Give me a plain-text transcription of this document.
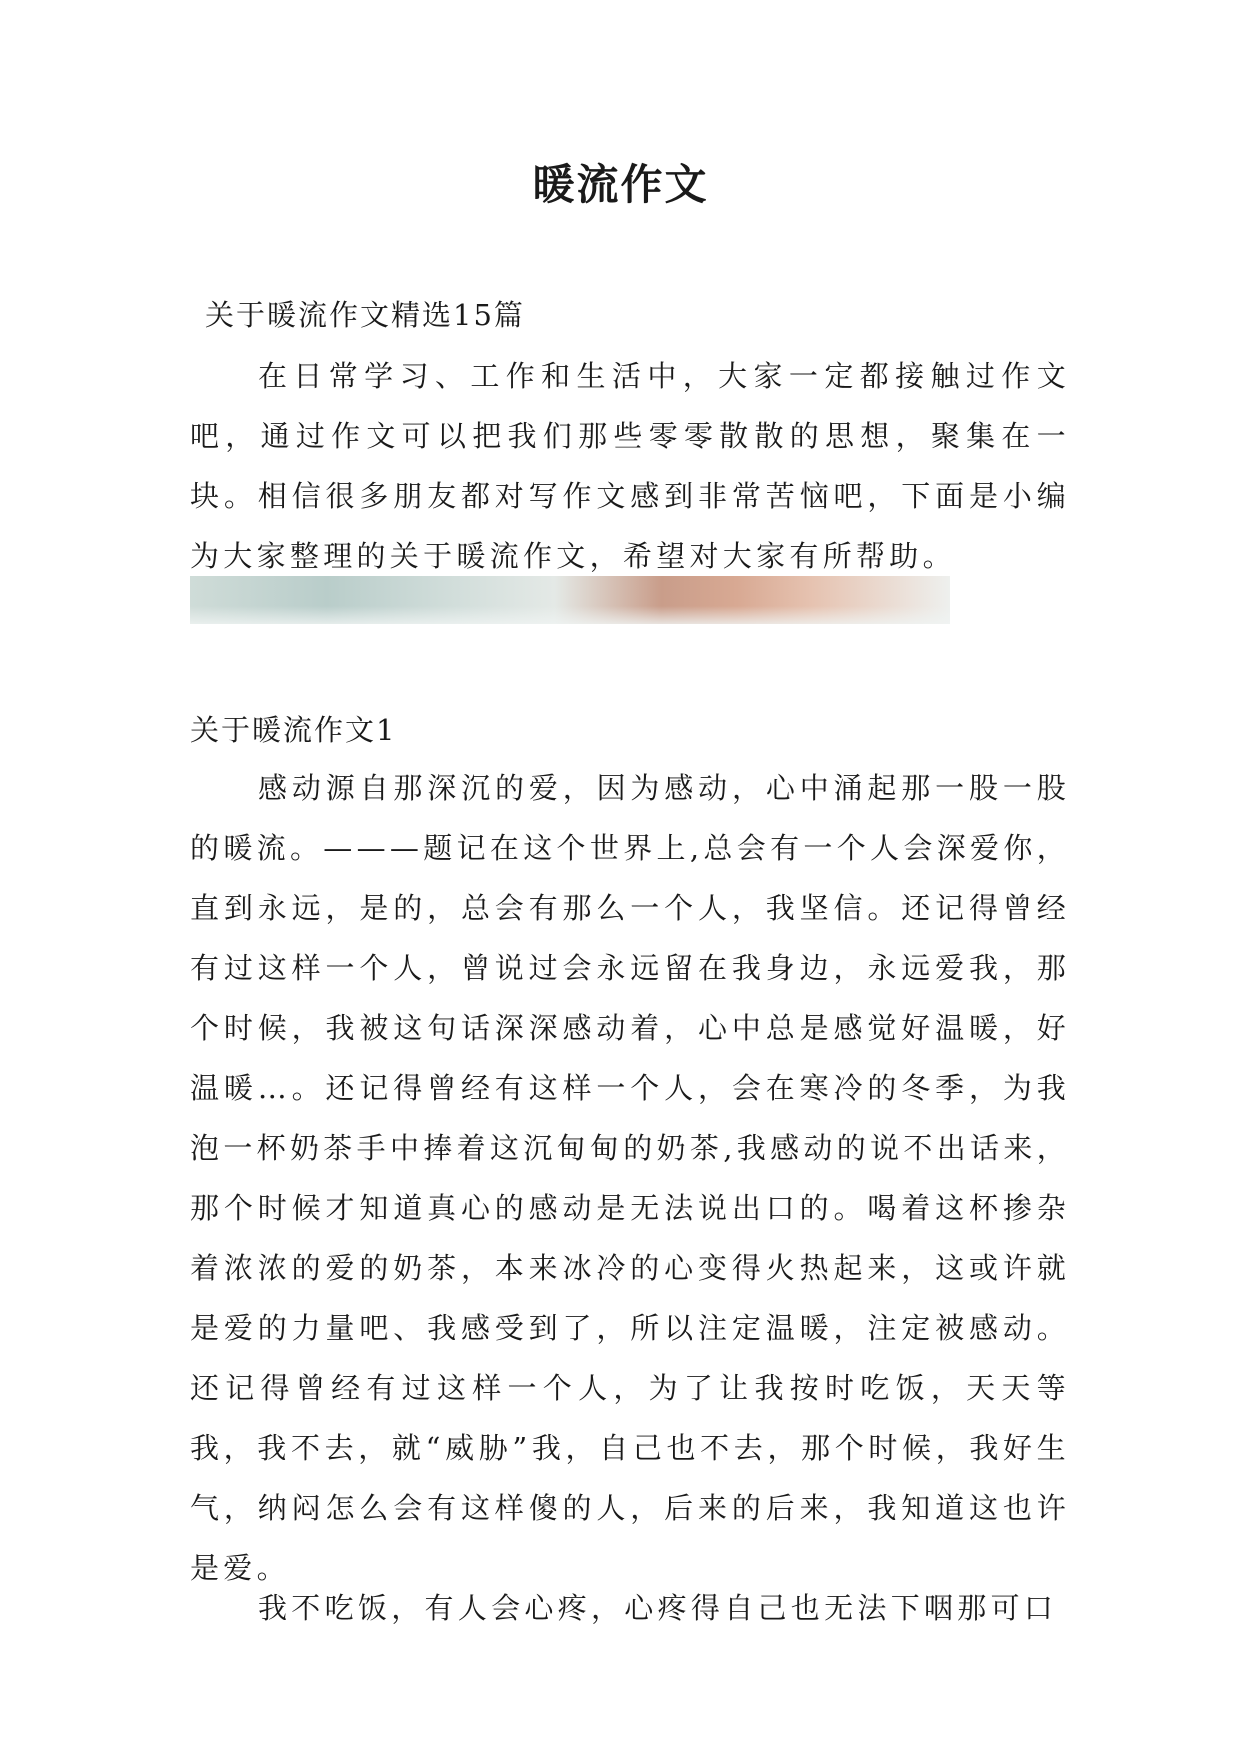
暖流作文

关于暖流作文精选15篇

在日常学习、工作和生活中，大家一定都接触过作文吧，通过作文可以把我们那些零零散散的思想，聚集在一块。相信很多朋友都对写作文感到非常苦恼吧，下面是小编为大家整理的关于暖流作文，希望对大家有所帮助。

关于暖流作文1

感动源自那深沉的爱，因为感动，心中涌起那一股一股的暖流。———题记在这个世界上,总会有一个人会深爱你，直到永远，是的，总会有那么一个人，我坚信。还记得曾经有过这样一个人，曾说过会永远留在我身边，永远爱我，那个时候，我被这句话深深感动着，心中总是感觉好温暖，好温暖…。还记得曾经有这样一个人，会在寒冷的冬季，为我泡一杯奶茶手中捧着这沉甸甸的奶茶,我感动的说不出话来，那个时候才知道真心的感动是无法说出口的。喝着这杯掺杂着浓浓的爱的奶茶，本来冰冷的心变得火热起来，这或许就是爱的力量吧、我感受到了，所以注定温暖，注定被感动。还记得曾经有过这样一个人，为了让我按时吃饭，天天等我，我不去，就“威胁”我，自己也不去，那个时候，我好生气，纳闷怎么会有这样傻的人，后来的后来，我知道这也许是爱。

我不吃饭，有人会心疼，心疼得自己也无法下咽那可口
